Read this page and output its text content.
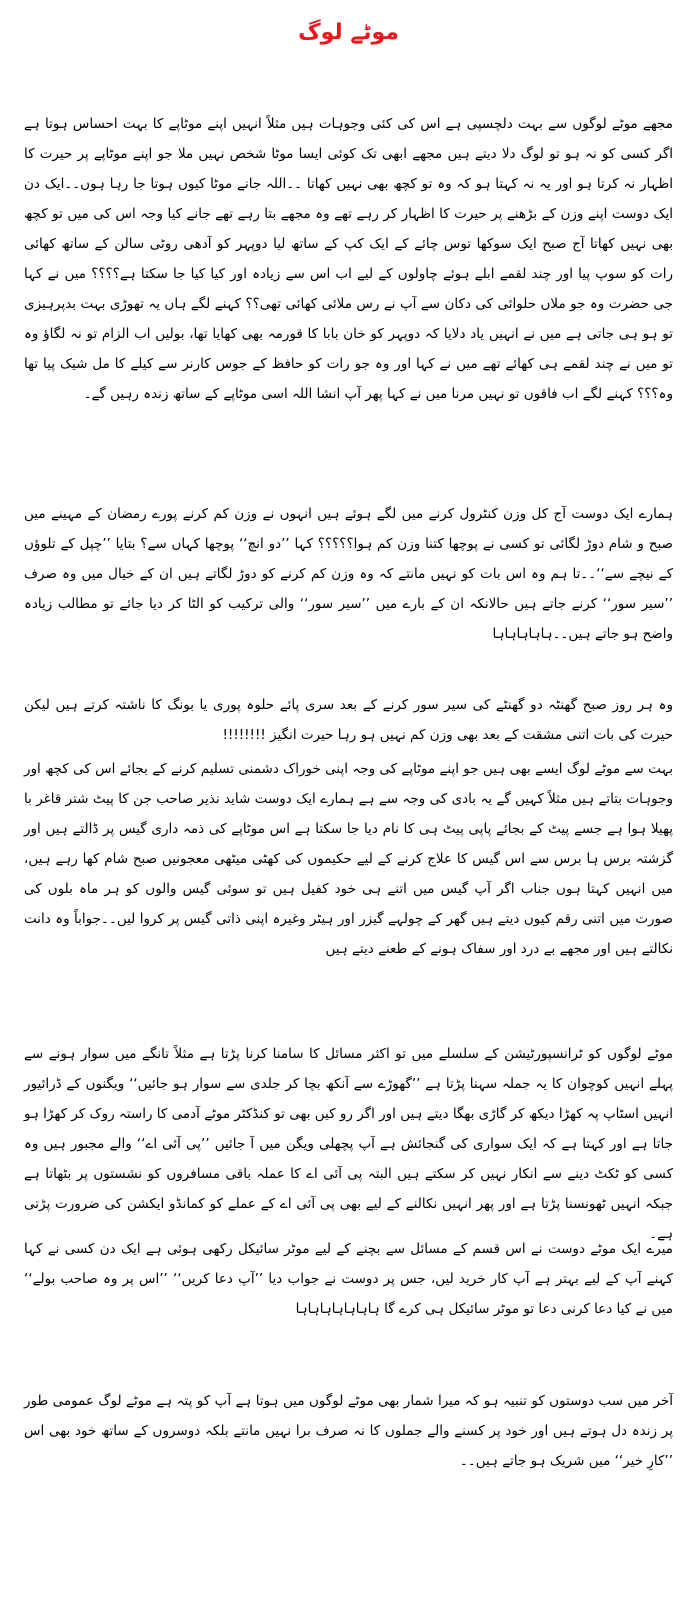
موٹے لوگ

مجھے موٹے لوگوں سے بہت دلچسپی ہے اس کی کئی وجوہات ہیں مثلاً انہیں اپنے موٹاپے کا بہت احساس ہوتا ہے اگر کسی کو نہ ہو تو لوگ دلا دیتے ہیں مجھے ابھی تک کوئی ایسا موٹا شخص نہیں ملا جو اپنے موٹاپے پر حیرت کا اظہار نہ کرتا ہو اور یہ نہ کہتا ہو کہ وہ تو کچھ بھی نہیں کھاتا ۔۔اللہ جانے موٹا کیوں ہوتا جا رہا ہوں۔۔ایک دن ایک دوست اپنے وزن کے بڑھنے پر حیرت کا اظہار کر رہے تھے وہ مجھے بتا رہے تھے جانے کیا وجہ اس کی میں تو کچھ بھی نہیں کھاتا آج صبح ایک سوکھا توس چائے کے ایک کپ کے ساتھ لیا دوپہر کو آدھی روٹی سالن کے ساتھ کھائی رات کو سوپ پیا اور چند لقمے ابلے ہوئے چاولوں کے لیے اب اس سے زیادہ اور کیا کیا جا سکتا ہے؟؟؟؟ میں نے کہا جی حضرت وہ جو ملاں حلوائی کی دکان سے آپ نے رس ملائی کھائی تھی؟؟ کہنے لگے ہاں یہ تھوڑی بہت بدپرہیزی تو ہو ہی جاتی ہے میں نے انہیں یاد دلایا کہ دوپہر کو خان بابا کا قورمہ بھی کھایا تھا، بولیں اب الزام تو نہ لگاؤ وہ تو میں نے چند لقمے ہی کھائے تھے میں نے کہا اور وہ جو رات کو حافظ کے جوس کارنر سے کیلے کا مل شیک پیا تھا وہ؟؟؟ کہنے لگے اب فاقوں تو نہیں مرنا میں نے کہا پھر آپ انشا اللہ اسی موٹاپے کے ساتھ زندہ رہیں گے۔

ہمارے ایک دوست آج کل وزن کنٹرول کرنے میں لگے ہوئے ہیں انہوں نے وزن کم کرنے پورے رمضان کے مہینے میں صبح و شام دوڑ لگائی تو کسی نے پوچھا کتنا وزن کم ہوا؟؟؟؟؟ کہا ’’دو انچ‘‘ پوچھا کہاں سے؟ بتایا ’’چپل کے تلوؤں کے نیچے سے‘‘۔۔تا ہم وہ اس بات کو نہیں مانتے کہ وہ وزن کم کرنے کو دوڑ لگاتے ہیں ان کے خیال میں وہ صرف ’’سیر سور‘‘ کرنے جاتے ہیں حالانکہ ان کے بارے میں ’’سیر سور‘‘ والی ترکیب کو الٹا کر دیا جائے تو مطالب زیادہ واضح ہو جاتے ہیں۔۔ہاہاہاہاہا

وہ ہر روز صبح گھنٹہ دو گھنٹے کی سیر سور کرنے کے بعد سری پائے حلوہ پوری یا بونگ کا ناشتہ کرتے ہیں لیکن حیرت کی بات اتنی مشقت کے بعد بھی وزن کم نہیں ہو رہا حیرت انگیز !!!!!!!!

بہت سے موٹے لوگ ایسے بھی ہیں جو اپنے موٹاپے کی وجہ اپنی خوراک دشمنی تسلیم کرنے کے بجائے اس کی کچھ اور وجوہات بتاتے ہیں مثلاً کہیں گے یہ بادی کی وجہ سے ہے ہمارے ایک دوست شاید نذیر صاحب جن کا پیٹ شتر قاغر با پھیلا ہوا ہے جسے پیٹ کے بجائے پاپی پیٹ ہی کا نام دیا جا سکتا ہے اس موٹاپے کی ذمہ داری گیس پر ڈالتے ہیں اور گزشتہ برس ہا برس سے اس گیس کا علاج کرنے کے لیے حکیموں کی کھٹی میٹھی معجونیں صبح شام کھا رہے ہیں، میں انہیں کہتا ہوں جناب اگر آپ گیس میں اتنے ہی خود کفیل ہیں تو سوئی گیس والوں کو ہر ماہ بلوں کی صورت میں اتنی رقم کیوں دیتے ہیں گھر کے چولہے گیزر اور ہیٹر وغیرہ اپنی ذاتی گیس پر کروا لیں۔۔جواباً وہ دانت نکالتے ہیں اور مجھے بے درد اور سفاک ہونے کے طعنے دیتے ہیں

موٹے لوگوں کو ٹرانسپورٹیشن کے سلسلے میں تو اکثر مسائل کا سامنا کرنا پڑتا ہے مثلاً تانگے میں سوار ہونے سے پہلے انہیں کوچوان کا یہ جملہ سہنا پڑتا ہے ’’گھوڑے سے آنکھ بچا کر جلدی سے سوار ہو جائیں‘‘ ویگنوں کے ڈرائیور انہیں اسٹاپ پہ کھڑا دیکھ کر گاڑی بھگا دیتے ہیں اور اگر رو کیں بھی تو کنڈکٹر موٹے آدمی کا راستہ روک کر کھڑا ہو جاتا ہے اور کہتا ہے کہ ایک سواری کی گنجائش ہے آپ پچھلی ویگن میں آ جائیں ’’پی آئی اے‘‘ والے مجبور ہیں وہ کسی کو ٹکٹ دینے سے انکار نہیں کر سکتے ہیں البتہ پی آئی اے کا عملہ باقی مسافروں کو نشستوں پر بٹھاتا ہے جبکہ انہیں ٹھونسنا پڑتا ہے اور پھر انہیں نکالنے کے لیے بھی پی آئی اے کے عملے کو کمانڈو ایکشن کی ضرورت پڑتی ہے۔

میرے ایک موٹے دوست نے اس قسم کے مسائل سے بچنے کے لیے موٹر سائیکل رکھی ہوئی ہے ایک دن کسی نے کہا کہنے آپ کے لیے بہتر ہے آپ کار خرید لیں، جس پر دوست نے جواب دیا ’’آپ دعا کریں‘‘ ’’اس پر وہ صاحب بولے‘‘ میں نے کیا دعا کرنی دعا تو موٹر سائیکل ہی کرے گا ہاہاہاہاہاہاہا

آخر میں سب دوستوں کو تنبیہ ہو کہ میرا شمار بھی موٹے لوگوں میں ہوتا ہے آپ کو پتہ ہے موٹے لوگ عمومی طور پر زندہ دل ہوتے ہیں اور خود پر کسنے والے جملوں کا نہ صرف برا نہیں مانتے بلکہ دوسروں کے ساتھ خود بھی اس ’’کارِ خیر‘‘ میں شریک ہو جاتے ہیں۔۔
